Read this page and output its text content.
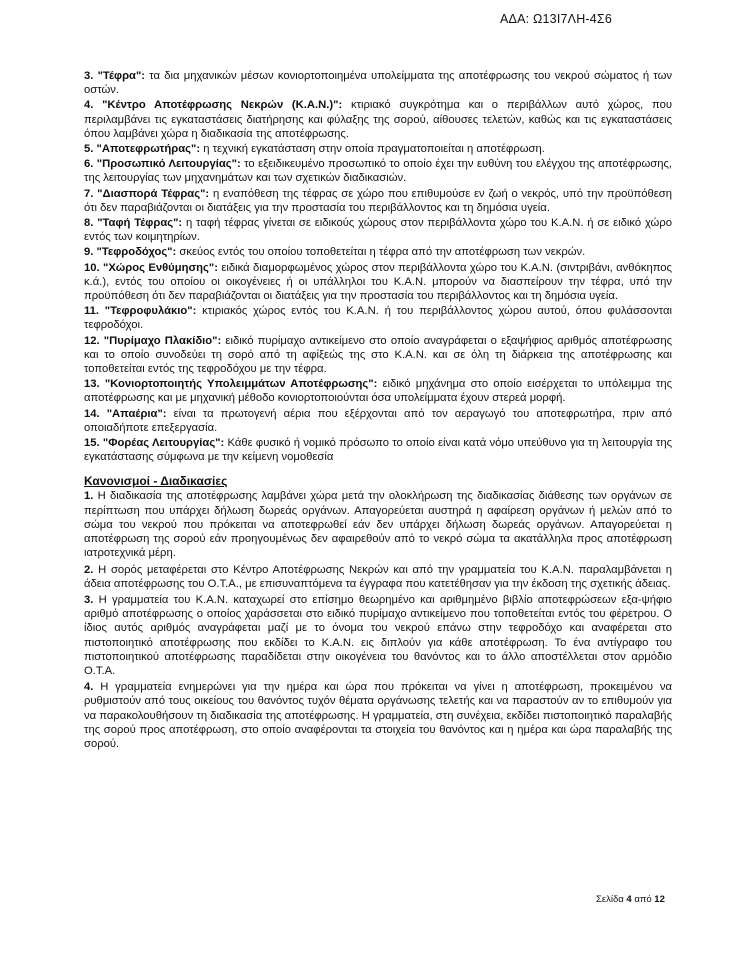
ΑΔΑ: Ω13Ι7ΛΗ-4Σ6
3. "Τέφρα": τα δια μηχανικών μέσων κονιορτοποιημένα υπολείμματα της αποτέφρωσης του νεκρού σώματος ή των οστών.
4. "Κέντρο Αποτέφρωσης Νεκρών (Κ.Α.Ν.)": κτιριακό συγκρότημα και ο περιβάλλων αυτό χώρος, που περιλαμβάνει τις εγκαταστάσεις διατήρησης και φύλαξης της σορού, αίθουσες τελετών, καθώς και τις εγκαταστάσεις όπου λαμβάνει χώρα η διαδικασία της αποτέφρωσης.
5. "Αποτεφρωτήρας": η τεχνική εγκατάσταση στην οποία πραγματοποιείται η αποτέφρωση.
6. "Προσωπικό Λειτουργίας": το εξειδικευμένο προσωπικό το οποίο έχει την ευθύνη του ελέγχου της αποτέφρωσης, της λειτουργίας των μηχανημάτων και των σχετικών διαδικασιών.
7. "Διασπορά Τέφρας": η εναπόθεση της τέφρας σε χώρο που επιθυμούσε εν ζωή ο νεκρός, υπό την προϋπόθεση ότι δεν παραβιάζονται οι διατάξεις για την προστασία του περιβάλλοντος και τη δημόσια υγεία.
8. "Ταφή Τέφρας": η ταφή τέφρας γίνεται σε ειδικούς χώρους στον περιβάλλοντα χώρο του Κ.Α.Ν. ή σε ειδικό χώρο εντός των κοιμητηρίων.
9. "Τεφροδόχος": σκεύος εντός του οποίου τοποθετείται η τέφρα από την αποτέφρωση των νεκρών.
10. "Χώρος Ενθύμησης": ειδικά διαμορφωμένος χώρος στον περιβάλλοντα χώρο του Κ.Α.Ν. (σιντριβάνι, ανθόκηπος κ.ά.), εντός του οποίου οι οικογένειες ή οι υπάλληλοι του Κ.Α.Ν. μπορούν να διασπείρουν την τέφρα, υπό την προϋπόθεση ότι δεν παραβιάζονται οι διατάξεις για την προστασία του περιβάλλοντος και τη δημόσια υγεία.
11. "Τεφροφυλάκιο": κτιριακός χώρος εντός του Κ.Α.Ν. ή του περιβάλλοντος χώρου αυτού, όπου φυλάσσονται τεφροδόχοι.
12. "Πυρίμαχο Πλακίδιο": ειδικό πυρίμαχο αντικείμενο στο οποίο αναγράφεται ο εξαψήφιος αριθμός αποτέφρωσης και το οποίο συνοδεύει τη σορό από τη αφίξεώς της στο Κ.Α.Ν. και σε όλη τη διάρκεια της αποτέφρωσης και τοποθετείται εντός της τεφροδόχου με την τέφρα.
13. "Κονιορτοποιητής Υπολειμμάτων Αποτέφρωσης": ειδικό μηχάνημα στο οποίο εισέρχεται το υπόλειμμα της αποτέφρωσης και με μηχανική μέθοδο κονιορτοποιούνται όσα υπολείμματα έχουν στερεά μορφή.
14. "Απαέρια": είναι τα πρωτογενή αέρια που εξέρχονται από τον αεραγωγό του αποτεφρωτήρα, πριν από οποιαδήποτε επεξεργασία.
15. "Φορέας Λειτουργίας": Κάθε φυσικό ή νομικό πρόσωπο το οποίο είναι κατά νόμο υπεύθυνο για τη λειτουργία της εγκατάστασης σύμφωνα με την κείμενη νομοθεσία
Κανονισμοί - Διαδικασίες
1. Η διαδικασία της αποτέφρωσης λαμβάνει χώρα μετά την ολοκλήρωση της διαδικασίας διάθεσης των οργάνων σε περίπτωση που υπάρχει δήλωση δωρεάς οργάνων. Απαγορεύεται αυστηρά η αφαίρεση οργάνων ή μελών από το σώμα του νεκρού που πρόκειται να αποτεφρωθεί εάν δεν υπάρχει δήλωση δωρεάς οργάνων. Απαγορεύεται η αποτέφρωση της σορού εάν προηγουμένως δεν αφαιρεθούν από το νεκρό σώμα τα ακατάλληλα προς αποτέφρωση ιατροτεχνικά μέρη.
2. Η σορός μεταφέρεται στο Κέντρο Αποτέφρωσης Νεκρών και από την γραμματεία του Κ.Α.Ν. παραλαμβάνεται η άδεια αποτέφρωσης του Ο.Τ.Α., με επισυναπτόμενα τα έγγραφα που κατετέθησαν για την έκδοση της σχετικής άδειας.
3. Η γραμματεία του Κ.Α.Ν. καταχωρεί στο επίσημο θεωρημένο και αριθμημένο βιβλίο αποτεφρώσεων εξα-ψήφιο αριθμό αποτέφρωσης ο οποίος χαράσσεται στο ειδικό πυρίμαχο αντικείμενο που τοποθετείται εντός του φέρετρου. Ο ίδιος αυτός αριθμός αναγράφεται μαζί με το όνομα του νεκρού επάνω στην τεφροδόχο και αναφέρεται στο πιστοποιητικό αποτέφρωσης που εκδίδει το Κ.Α.Ν. εις διπλούν για κάθε αποτέφρωση. Το ένα αντίγραφο του πιστοποιητικού αποτέφρωσης παραδίδεται στην οικογένεια του θανόντος και το άλλο αποστέλλεται στον αρμόδιο Ο.Τ.Α.
4. Η γραμματεία ενημερώνει για την ημέρα και ώρα που πρόκειται να γίνει η αποτέφρωση, προκειμένου να ρυθμιστούν από τους οικείους του θανόντος τυχόν θέματα οργάνωσης τελετής και να παραστούν αν το επιθυμούν για να παρακολουθήσουν τη διαδικασία της αποτέφρωσης. Η γραμματεία, στη συνέχεια, εκδίδει πιστοποιητικό παραλαβής της σορού προς αποτέφρωση, στο οποίο αναφέρονται τα στοιχεία του θανόντος και η ημέρα και ώρα παραλαβής της σορού.
Σελίδα 4 από 12
